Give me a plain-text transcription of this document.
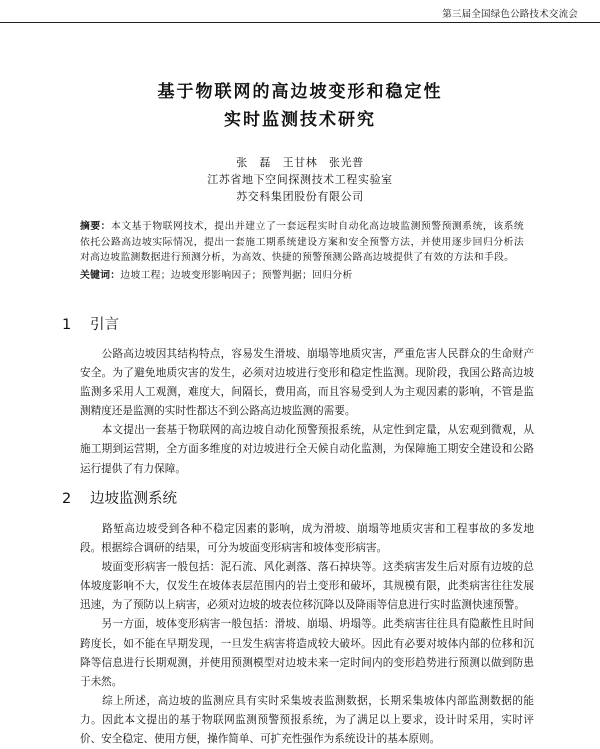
第三届全国绿色公路技术交流会
基于物联网的高边坡变形和稳定性
实时监测技术研究
张　磊　王甘林　张光普
江苏省地下空间探测技术工程实验室
苏交科集团股份有限公司

摘要：本文基于物联网技术，提出并建立了一套远程实时自动化高边坡监测预警预测系统，该系统依托公路高边坡实际情况，提出一套施工期系统建设方案和安全预警方法，并使用逐步回归分析法对高边坡监测数据进行预测分析，为高效、快捷的预警预测公路高边坡提供了有效的方法和手段。

关键词：边坡工程；边坡变形影响因子；预警判据；回归分析

1 引言

　　公路高边坡因其结构特点，容易发生滑坡、崩塌等地质灾害，严重危害人民群众的生命财产安全。为了避免地质灾害的发生，必须对边坡进行变形和稳定性监测。现阶段，我国公路高边坡监测多采用人工观测，难度大，间隔长，费用高，而且容易受到人为主观因素的影响，不管是监测精度还是监测的实时性都达不到公路高边坡监测的需要。

　　本文提出一套基于物联网的高边坡自动化预警预报系统，从定性到定量，从宏观到微观，从施工期到运营期，全方面多维度的对边坡进行全天候自动化监测，为保障施工期安全建设和公路运行提供了有力保障。

2 边坡监测系统

　　路堑高边坡受到各种不稳定因素的影响，成为滑坡、崩塌等地质灾害和工程事故的多发地段。根据综合调研的结果，可分为坡面变形病害和坡体变形病害。

　　坡面变形病害一般包括：泥石流、风化剥落、落石掉块等。这类病害发生后对原有边坡的总体坡度影响不大，仅发生在坡体表层范围内的岩土变形和破坏，其规模有限，此类病害往往发展迅速，为了预防以上病害，必须对边坡的坡表位移沉降以及降雨等信息进行实时监测快速预警。

　　另一方面，坡体变形病害一般包括：滑坡、崩塌、坍塌等。此类病害往往具有隐蔽性且时间跨度长，如不能在早期发现，一旦发生病害将造成较大破坏。因此有必要对坡体内部的位移和沉降等信息进行长期观测，并使用预测模型对边坡未来一定时间内的变形趋势进行预测以做到防患于未然。

　　综上所述，高边坡的监测应具有实时采集坡表监测数据，长期采集坡体内部监测数据的能力。因此本文提出的基于物联网监测预警预报系统，为了满足以上要求，设计时采用，实时评价、安全稳定、使用方便，操作简单、可扩充性强作为系统设计的基本原则。
